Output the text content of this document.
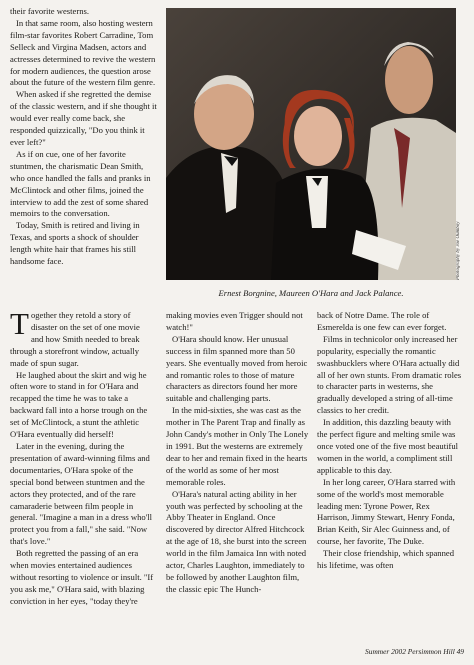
their favorite westerns.

In that same room, also hosting western film-star favorites Robert Carradine, Tom Selleck and Virgina Madsen, actors and actresses determined to revive the western for modern audiences, the question arose about the future of the western film genre.

When asked if she regretted the demise of the classic western, and if she thought it would ever really come back, she responded quizzically, "Do you think it ever left?"

As if on cue, one of her favorite stuntmen, the charismatic Dean Smith, who once handled the falls and pranks in McClintock and other films, joined the interview to add the zest of some shared memoirs to the conversation.

Today, Smith is retired and living in Texas, and sports a shock of shoulder length white hair that frames his still handsome face.	Photography by Joe Oumboy
Ernest Borgnine, Maureen O'Hara and Jack Palance.

Together they retold a story of disaster on the set of one movie and how Smith needed to break through a storefront window, actually made of spun sugar.

He laughed about the skirt and wig he often wore to stand in for O'Hara and recapped the time he was to take a backward fall into a horse trough on the set of McClintock, a stunt the athletic O'Hara eventually did herself!

Later in the evening, during the presentation of award-winning films and documentaries, O'Hara spoke of the special bond between stuntmen and the actors they protected, and of the rare camaraderie between film people in general. "Imagine a man in a dress who'll protect you from a fall," she said. "Now that's love."

Both regretted the passing of an era when movies entertained audiences without resorting to violence or insult. "If you ask me," O'Hara said, with blazing conviction in her eyes, "today they're

making movies even Trigger should not watch!"

O'Hara should know. Her unusual success in film spanned more than 50 years. She eventually moved from heroic and romantic roles to those of mature characters as directors found her more suitable and challenging parts.

In the mid-sixties, she was cast as the mother in The Parent Trap and finally as John Candy's mother in Only The Lonely in 1991. But the westerns are extremely dear to her and remain fixed in the hearts of the world as some of her most memorable roles.

O'Hara's natural acting ability in her youth was perfected by schooling at the Abby Theater in England. Once discovered by director Alfred Hitchcock at the age of 18, she burst into the screen world in the film Jamaica Inn with noted actor, Charles Laughton, immediately to be followed by another Laughton film, the classic epic The Hunch-

back of Notre Dame. The role of Esmerelda is one few can ever forget.

Films in technicolor only increased her popularity, especially the romantic swashbucklers where O'Hara actually did all of her own stunts. From dramatic roles to character parts in westerns, she gradually developed a string of all-time classics to her credit.

In addition, this dazzling beauty with the perfect figure and melting smile was once voted one of the five most beautiful women in the world, a compliment still applicable to this day.

In her long career, O'Hara starred with some of the world's most memorable leading men: Tyrone Power, Rex Harrison, Jimmy Stewart, Henry Fonda, Brian Keith, Sir Alec Guinness and, of course, her favorite, The Duke.

Their close friendship, which spanned his lifetime, was often

Summer 2002 Persimmon Hill 49
